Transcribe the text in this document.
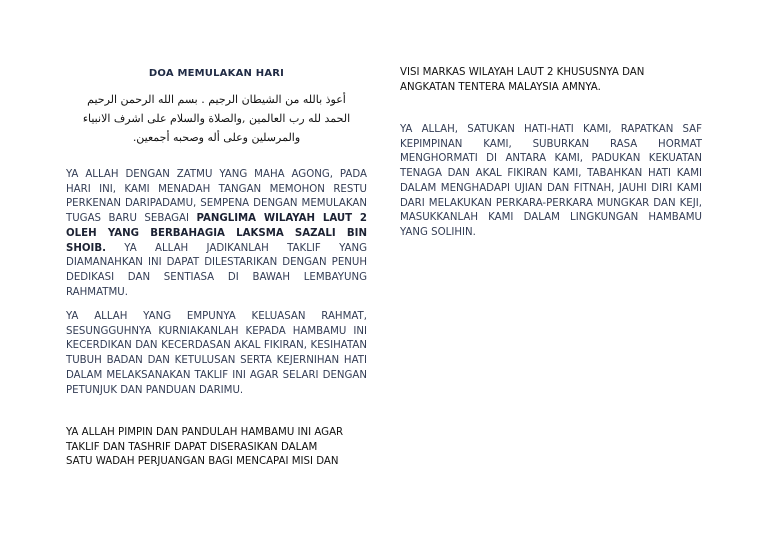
DOA MEMULAKAN HARI
أعوذ بالله من الشيطان الرجيم . بسم الله الرحمن الرحيم
الحمد لله رب العالمين ,والصلاة والسلام على اشرف الانبياء
والمرسلين وعلى أله وصحبه أجمعين.
YA ALLAH DENGAN ZATMU YANG MAHA AGONG, PADA HARI INI, KAMI MENADAH TANGAN MEMOHON RESTU PERKENAN DARIPADAMU, SEMPENA DENGAN MEMULAKAN TUGAS BARU SEBAGAI PANGLIMA WILAYAH LAUT 2 OLEH YANG BERBAHAGIA LAKSMA SAZALI BIN SHOIB. YA ALLAH JADIKANLAH TAKLIF YANG DIAMANAHKAN INI DAPAT DILESTARIKAN DENGAN PENUH DEDIKASI DAN SENTIASA DI BAWAH LEMBAYUNG RAHMATMU.
YA ALLAH YANG EMPUNYA KELUASAN RAHMAT, SESUNGGUHNYA KURNIAKANLAH KEPADA HAMBAMU INI KECERDIKAN DAN KECERDASAN AKAL FIKIRAN, KESIHATAN TUBUH BADAN DAN KETULUSAN SERTA KEJERNIHAN HATI DALAM MELAKSANAKAN TAKLIF INI AGAR SELARI DENGAN PETUNJUK DAN PANDUAN DARIMU.
YA ALLAH PIMPIN DAN PANDULAH HAMBAMU INI AGAR
TAKLIF DAN TASHRIF DAPAT DISERASIKAN DALAM
SATU WADAH PERJUANGAN BAGI MENCAPAI MISI DAN
VISI MARKAS WILAYAH LAUT 2 KHUSUSNYA DAN
ANGKATAN TENTERA MALAYSIA AMNYA.
YA ALLAH, SATUKAN HATI-HATI KAMI, RAPATKAN SAF KEPIMPINAN KAMI, SUBURKAN RASA HORMAT MENGHORMATI DI ANTARA KAMI, PADUKAN KEKUATAN TENAGA DAN AKAL FIKIRAN KAMI, TABAHKAN HATI KAMI DALAM MENGHADAPI UJIAN DAN FITNAH, JAUHI DIRI KAMI DARI MELAKUKAN PERKARA-PERKARA MUNGKAR DAN KEJI, MASUKKANLAH KAMI DALAM LINGKUNGAN HAMBAMU YANG SOLIHIN.
